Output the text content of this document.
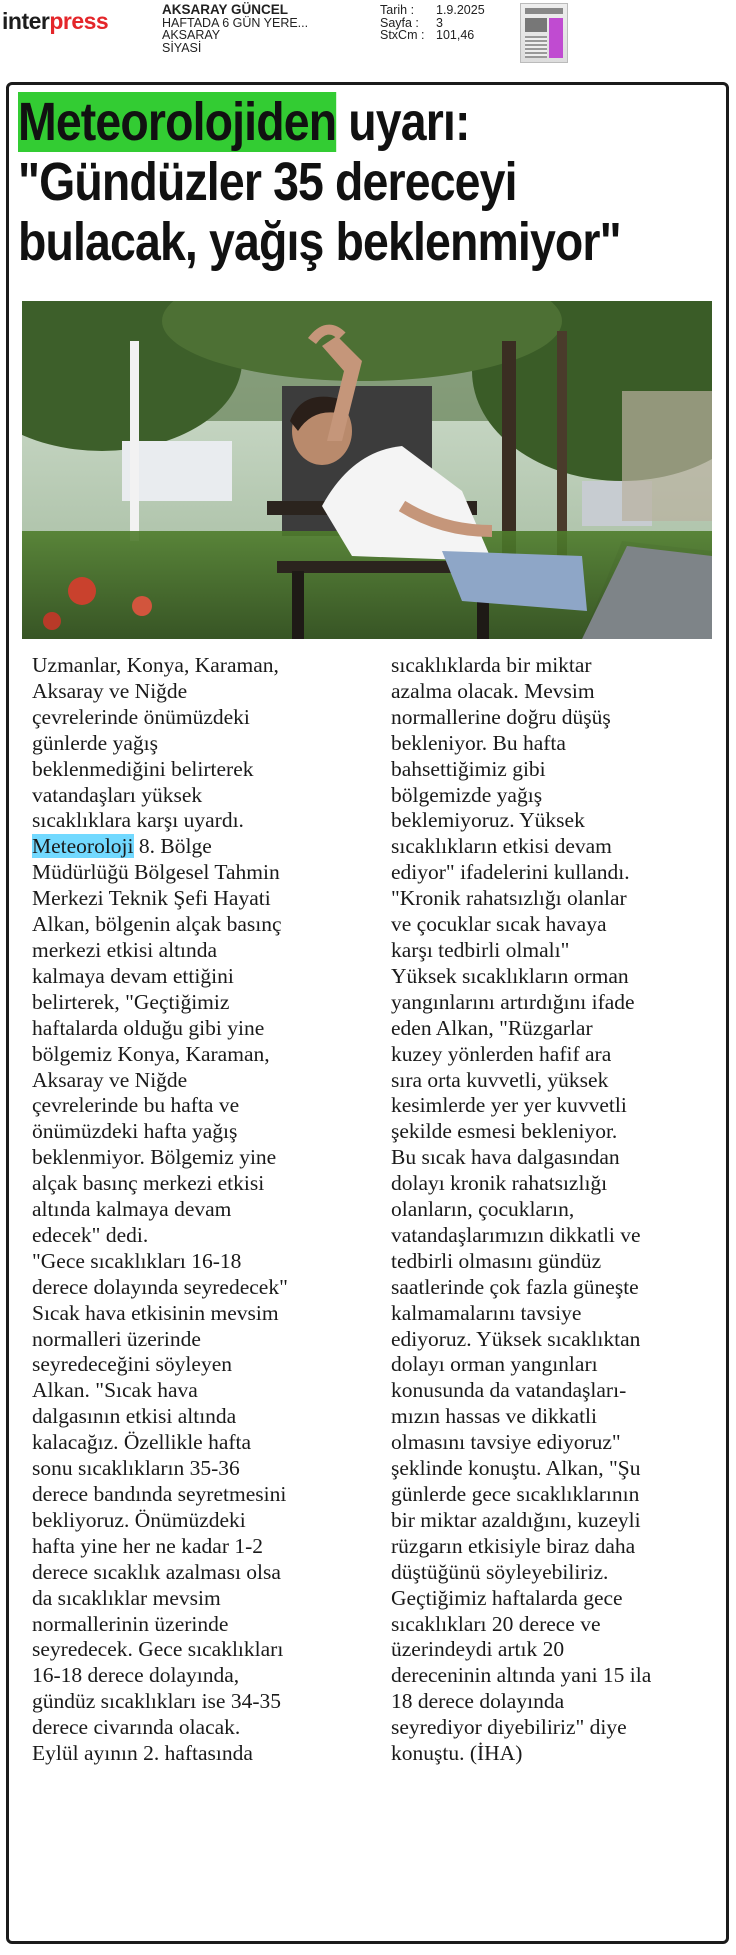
interpress	AKSARAY GÜNCEL
HAFTADA 6 GÜN YERE...
AKSARAY
SİYASİ
Tarih :	1.9.2025
Sayfa :	3
StxCm : 101,46
Meteorolojiden uyarı:
"Gündüzler 35 dereceyi
bulacak, yağış beklenmiyor"

Uzmanlar, Konya, Karaman,
Aksaray ve Niğde
çevrelerinde önümüzdeki
günlerde yağış
beklenmediğini belirterek
vatandaşları yüksek
sıcaklıklara karşı uyardı.

Meteoroloji 8. Bölge
Müdürlüğü Bölgesel Tahmin
Merkezi Teknik Şefi Hayati
Alkan, bölgenin alçak basınç
merkezi etkisi altında
kalmaya devam ettiğini
belirterek, "Geçtiğimiz
haftalarda olduğu gibi yine
bölgemiz Konya, Karaman,
Aksaray ve Niğde
çevrelerinde bu hafta ve
önümüzdeki hafta yağış
beklenmiyor. Bölgemiz yine
alçak basınç merkezi etkisi
altında kalmaya devam
edecek" dedi.
"Gece sıcaklıkları 16-18
derece dolayında seyredecek"
Sıcak hava etkisinin mevsim
normalleri üzerinde
seyredeceğini söyleyen
Alkan. "Sıcak hava
dalgasının etkisi altında
kalacağız. Özellikle hafta
sonu sıcaklıkların 35-36
derece bandında seyretmesini
bekliyoruz. Önümüzdeki
hafta yine her ne kadar 1-2
derece sıcaklık azalması olsa
da sıcaklıklar mevsim
normallerinin üzerinde
seyredecek. Gece sıcaklıkları
16-18 derece dolayında,
gündüz sıcaklıkları ise 34-35
derece civarında olacak.
Eylül ayının 2. haftasında

sıcaklıklarda bir miktar
azalma olacak. Mevsim
normallerine doğru düşüş
bekleniyor. Bu hafta
bahsettiğimiz gibi
bölgemizde yağış
beklemiyoruz. Yüksek
sıcaklıkların etkisi devam
ediyor" ifadelerini kullandı.
"Kronik rahatsızlığı olanlar
ve çocuklar sıcak havaya
karşı tedbirli olmalı"
Yüksek sıcaklıkların orman
yangınlarını artırdığını ifade
eden Alkan, "Rüzgarlar
kuzey yönlerden hafif ara
sıra orta kuvvetli, yüksek
kesimlerde yer yer kuvvetli
şekilde esmesi bekleniyor.
Bu sıcak hava dalgasından
dolayı kronik rahatsızlığı
olanların, çocukların,
vatandaşlarımızın dikkatli ve
tedbirli olmasını gündüz
saatlerinde çok fazla güneşte
kalmamalarını tavsiye
ediyoruz. Yüksek sıcaklıktan
dolayı orman yangınları
konusunda da vatandaşları-
mızın hassas ve dikkatli
olmasını tavsiye ediyoruz"
şeklinde konuştu. Alkan, "Şu
günlerde gece sıcaklıklarının
bir miktar azaldığını, kuzeyli
rüzgarın etkisiyle biraz daha
düştüğünü söyleyebiliriz.
Geçtiğimiz haftalarda gece
sıcaklıkları 20 derece ve
üzerindeydi artık 20
dereceninin altında yani 15 ila
18 derece dolayında
seyrediyor diyebiliriz" diye
konuştu. (İHA)
